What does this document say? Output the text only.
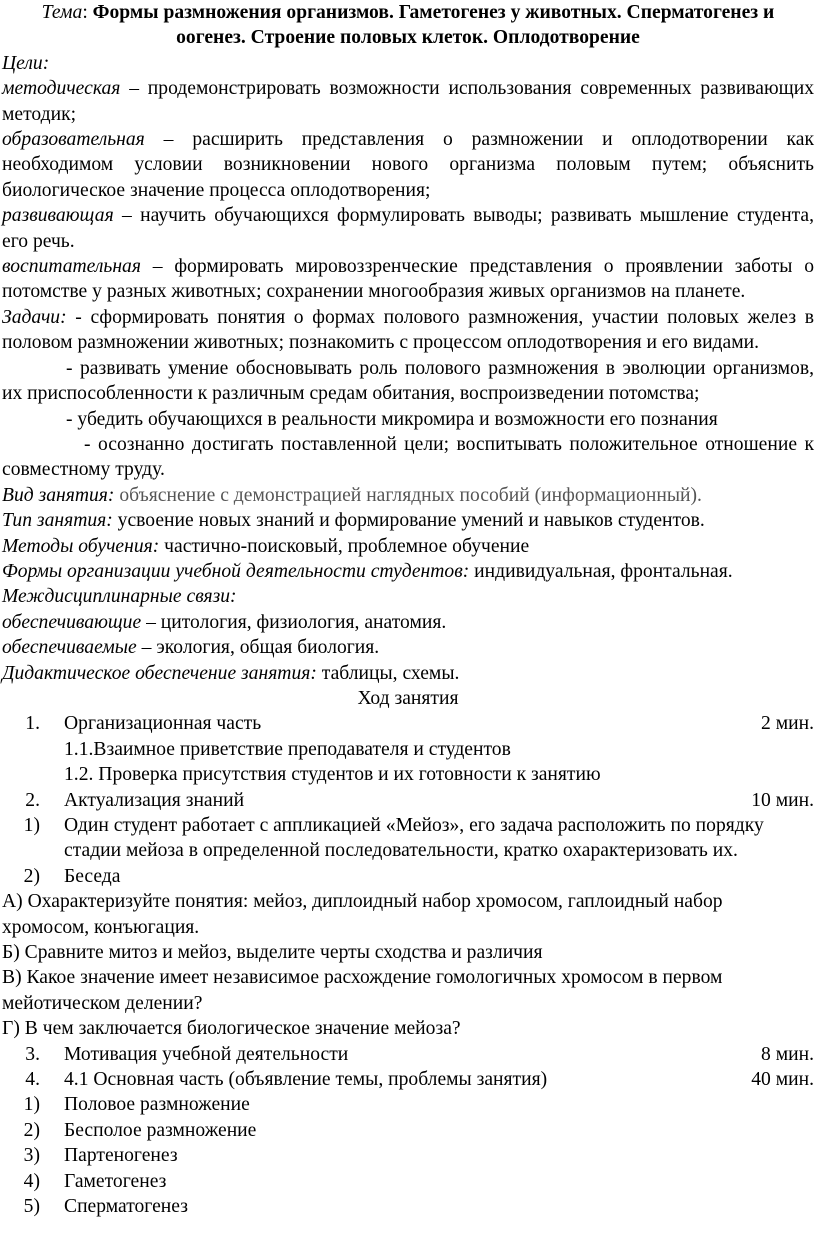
Тема: Формы размножения организмов. Гаметогенез у животных. Сперматогенез и оогенез. Строение половых клеток. Оплодотворение
Цели:
методическая – продемонстрировать возможности использования современных развивающих методик;
образовательная – расширить представления о размножении и оплодотворении как необходимом условии возникновении нового организма половым путем; объяснить биологическое значение процесса оплодотворения;
развивающая – научить обучающихся формулировать выводы; развивать мышление студента, его речь.
воспитательная – формировать мировоззренческие представления о проявлении заботы о потомстве у разных животных; сохранении многообразия живых организмов на планете.
Задачи: - сформировать понятия о формах полового размножения, участии половых желез в половом размножении животных; познакомить с процессом оплодотворения и его видами.
- развивать умение обосновывать роль полового размножения в эволюции организмов, их приспособленности к различным средам обитания, воспроизведении потомства;
- убедить обучающихся в реальности микромира и возможности его познания
- осознанно достигать поставленной цели; воспитывать положительное отношение к совместному труду.
Вид занятия: объяснение с демонстрацией наглядных пособий (информационный).
Тип занятия: усвоение новых знаний и формирование умений и навыков студентов.
Методы обучения: частично-поисковый, проблемное обучение
Формы организации учебной деятельности студентов: индивидуальная, фронтальная.
Междисциплинарные связи:
обеспечивающие – цитология, физиология, анатомия.
обеспечиваемые – экология, общая биология.
Дидактическое обеспечение занятия: таблицы, схемы.
Ход занятия
1.	Организационная часть	2 мин.
1.1.Взаимное приветствие преподавателя и студентов
1.2. Проверка присутствия студентов и их готовности к занятию
2.	Актуализация знаний	10 мин.
1)	Один студент работает с аппликацией «Мейоз», его задача расположить по порядку стадии мейоза в определенной последовательности, кратко охарактеризовать их.
2)	Беседа
А) Охарактеризуйте понятия: мейоз, диплоидный набор хромосом, гаплоидный набор хромосом, конъюгация.
Б) Сравните митоз и мейоз, выделите черты сходства и различия
В) Какое значение имеет независимое расхождение гомологичных хромосом в первом мейотическом делении?
Г) В чем заключается биологическое значение мейоза?
3.	Мотивация учебной деятельности	8 мин.
4.	4.1 Основная часть (объявление темы, проблемы занятия)	40 мин.
1)	Половое размножение
2)	Бесполое размножение
3)	Партеногенез
4)	Гаметогенез
5)	Сперматогенез
